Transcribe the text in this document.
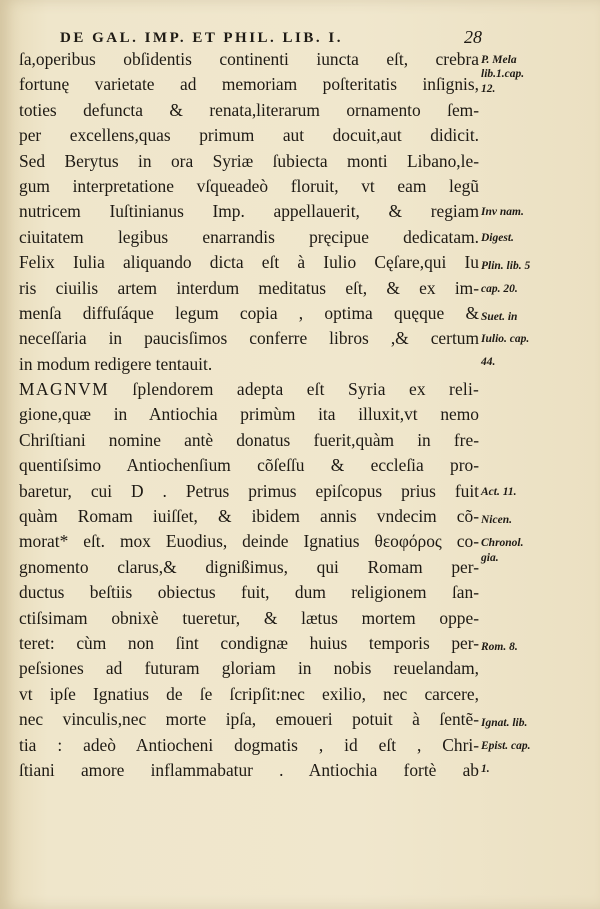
DE GAL. IMP. ET PHIL. LIB. I.	28
ſa,operibus obſidentis continenti iuncta eſt, crebra
fortunę varietate ad memoriam poſteritatis inſignis,
toties defuncta & renata,literarum ornamento ſem-
per excellens,quas primum aut docuit,aut didicit.
Sed Berytus in ora Syriæ ſubiecta monti Libano,le-
gum interpretatione vſqueadeò floruit, vt eam legũ
nutricem Iuſtinianus Imp. appellauerit, & regiam
ciuitatem legibus enarrandis pręcipue dedicatam.
Felix Iulia aliquando dicta eſt à Iulio Cęſare,qui Iu
ris ciuilis artem interdum meditatus eſt, & ex im-
menſa diffuſáque legum copia , optima quęque &
neceſſaria in paucisſimos conferre libros ,& certum
in modum redigere tentauit.
MAGNVM ſplendorem adepta eſt Syria ex reli-
gione,quæ in Antiochia primùm ita illuxit,vt nemo
Chriſtiani nomine antè donatus fuerit,quàm in fre-
quentiſsimo Antiochenſium cõſeſſu & eccleſia pro-
baretur, cui D . Petrus primus epiſcopus prius fuit
quàm Romam iuiſſet, & ibidem annis vndecim cõ-
morat* eſt. mox Euodius, deinde Ignatius θεοφόρος co-
gnomento clarus,& dignißimus, qui Romam per-
ductus beſtiis obiectus fuit, dum religionem ſan-
ctiſsimam obnixè tueretur, & lætus mortem oppe-
teret: cùm non ſint condignæ huius temporis per-
peſsiones ad futuram gloriam in nobis reuelandam,
vt ipſe Ignatius de ſe ſcripſit:nec exilio, nec carcere,
nec vinculis,nec morte ipſa, emoueri potuit à ſentẽ-
tia : adeò Antiocheni dogmatis , id eſt , Chri-
ſtiani amore inflammabatur . Antiochia fortè ab
P. Mela
lib.1.cap.
12.
Inv nam.
Digest.
Plin. lib. 5
cap. 20.
Suet. in
Iulio. cap.
44.
Act. 11.
Nicen.
Chronol.
gia.
Rom. 8.
Ignat. lib.
Epist. cap.
1.
